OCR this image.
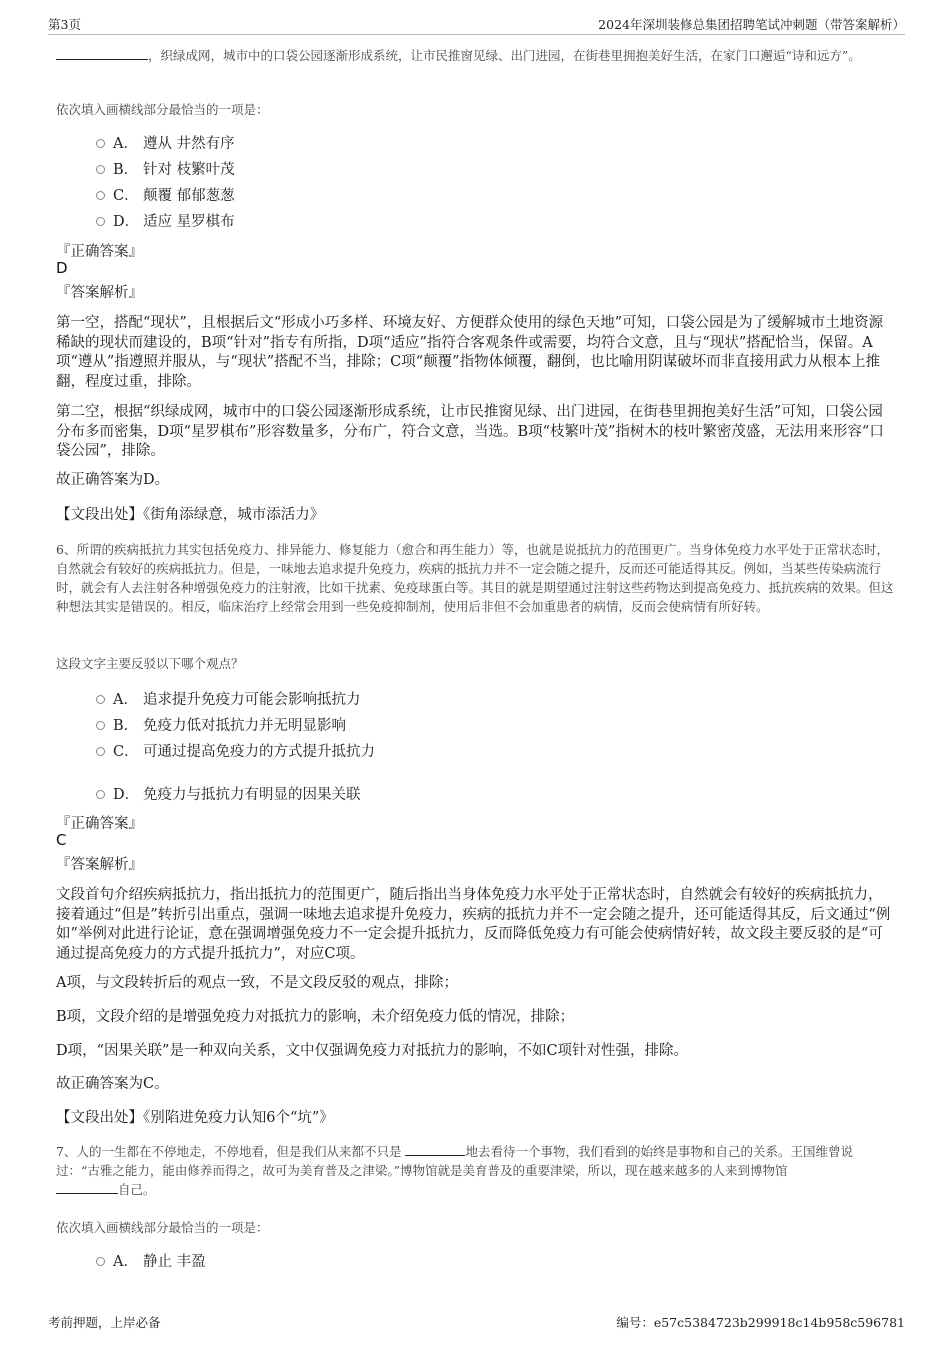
第3页	2024年深圳装修总集团招聘笔试冲刺题（带答案解析）

，织绿成网，城市中的口袋公园逐渐形成系统，让市民推窗见绿、出门进园，在街巷里拥抱美好生活，在家门口邂逅“诗和远方”。

依次填入画横线部分最恰当的一项是：

A． 遵从 井然有序
B． 针对 枝繁叶茂
C． 颠覆 郁郁葱葱
D． 适应 星罗棋布
『正确答案』
D
『答案解析』

第一空，搭配“现状”，且根据后文“形成小巧多样、环境友好、方便群众使用的绿色天地”可知，口袋公园是为了缓解城市土地资源稀缺的现状而建设的，B项“针对”指专有所指，D项“适应”指符合客观条件或需要，均符合文意，且与“现状”搭配恰当，保留。A项“遵从”指遵照并服从，与“现状”搭配不当，排除；C项“颠覆”指物体倾覆，翻倒，也比喻用阴谋破坏而非直接用武力从根本上推翻，程度过重，排除。

第二空，根据“织绿成网，城市中的口袋公园逐渐形成系统，让市民推窗见绿、出门进园，在街巷里拥抱美好生活”可知，口袋公园分布多而密集，D项“星罗棋布”形容数量多，分布广，符合文意，当选。B项“枝繁叶茂”指树木的枝叶繁密茂盛，无法用来形容“口袋公园”，排除。

故正确答案为D。

【文段出处】《街角添绿意，城市添活力》

6、所谓的疾病抵抗力其实包括免疫力、排异能力、修复能力（愈合和再生能力）等，也就是说抵抗力的范围更广。当身体免疫力水平处于正常状态时，自然就会有较好的疾病抵抗力。但是，一味地去追求提升免疫力，疾病的抵抗力并不一定会随之提升，反而还可能适得其反。例如，当某些传染病流行时，就会有人去注射各种增强免疫力的注射液，比如干扰素、免疫球蛋白等。其目的就是期望通过注射这些药物达到提高免疫力、抵抗疾病的效果。但这种想法其实是错误的。相反，临床治疗上经常会用到一些免疫抑制剂，使用后非但不会加重患者的病情，反而会使病情有所好转。

这段文字主要反驳以下哪个观点？

A． 追求提升免疫力可能会影响抵抗力
B． 免疫力低对抵抗力并无明显影响
C． 可通过提高免疫力的方式提升抵抗力
D． 免疫力与抵抗力有明显的因果关联
『正确答案』
C
『答案解析』

文段首句介绍疾病抵抗力，指出抵抗力的范围更广，随后指出当身体免疫力水平处于正常状态时，自然就会有较好的疾病抵抗力，接着通过“但是”转折引出重点，强调一味地去追求提升免疫力，疾病的抵抗力并不一定会随之提升，还可能适得其反，后文通过“例如”举例对此进行论证，意在强调增强免疫力不一定会提升抵抗力，反而降低免疫力有可能会使病情好转，故文段主要反驳的是“可通过提高免疫力的方式提升抵抗力”，对应C项。

A项，与文段转折后的观点一致，不是文段反驳的观点，排除；

B项，文段介绍的是增强免疫力对抵抗力的影响，未介绍免疫力低的情况，排除；

D项，“因果关联”是一种双向关系，文中仅强调免疫力对抵抗力的影响，不如C项针对性强，排除。

故正确答案为C。

【文段出处】《别陷进免疫力认知6个“坑”》

7、人的一生都在不停地走，不停地看，但是我们从来都不只是	地去看待一个事物，我们看到的始终是事物和自己的关系。王国维曾说过：“古雅之能力，能由修养而得之，故可为美育普及之津梁。”博物馆就是美育普及的重要津梁，所以，现在越来越多的人来到博物馆
自己。

依次填入画横线部分最恰当的一项是：

A． 静止 丰盈
考前押题，上岸必备	编号：e57c5384723b299918c14b958c596781
